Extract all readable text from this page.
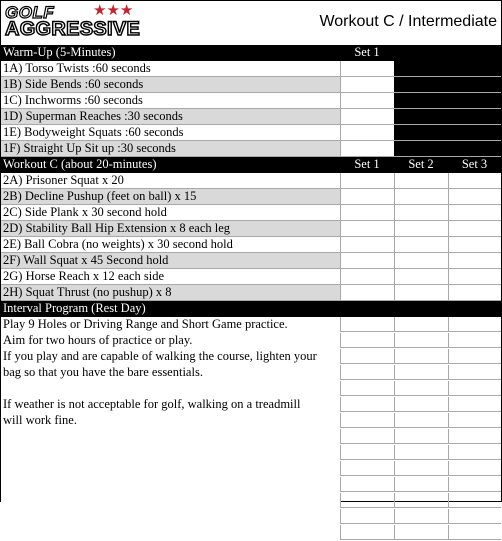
GOLF	★★★
AGGRESSIVE	Workout C / Intermediate
Warm-Up (5-Minutes)	Set 1
1A) Torso Twists :60 seconds
1B) Side Bends :60 seconds
1C) Inchworms :60 seconds
1D) Superman Reaches :30 seconds
1E) Bodyweight Squats :60 seconds
1F) Straight Up Sit up :30 seconds
Workout C (about 20-minutes)	Set 1	Set 2	Set 3
2A) Prisoner Squat x 20
2B) Decline Pushup (feet on ball) x 15
2C) Side Plank x 30 second hold
2D) Stability Ball Hip Extension x 8 each leg
2E) Ball Cobra (no weights) x 30 second hold
2F) Wall Squat x 45 Second hold
2G) Horse Reach x 12 each side
2H) Squat Thrust (no pushup) x 8
Interval Program (Rest Day)
Play 9 Holes or Driving Range and Short Game practice.
Aim for two hours of practice or play.
If you play and are capable of walking the course, lighten your
bag so that you have the bare essentials.
If weather is not acceptable for golf, walking on a treadmill
will work fine.
